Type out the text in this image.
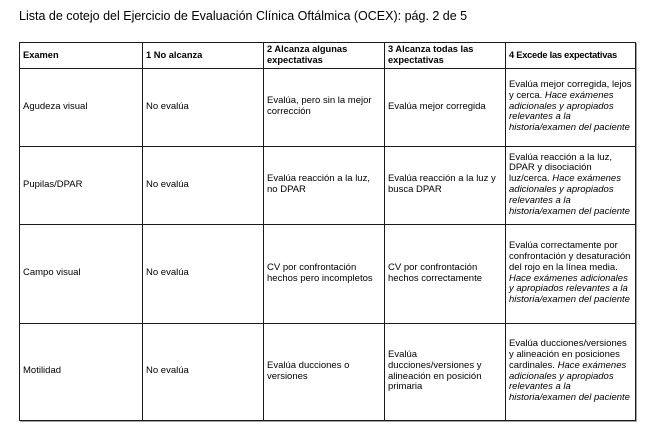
Lista de cotejo del Ejercicio de Evaluación Clínica Oftálmica (OCEX): pág. 2 de 5
Examen	1 No alcanza	2 Alcanza algunas expectativas	3 Alcanza todas las expectativas	4 Excede las expectativas
Agudeza visual	No evalúa	Evalúa, pero sin la mejor corrección	Evalúa mejor corregida	Evalúa mejor corregida, lejos y cerca. Hace exámenes adicionales y apropiados relevantes a la historia/examen del paciente
Pupilas/DPAR	No evalúa	Evalúa reacción a la luz, no DPAR	Evalúa reacción a la luz y busca DPAR	Evalúa reacción a la luz, DPAR y disociación luz/cerca. Hace exámenes adicionales y apropiados relevantes a la historia/examen del paciente
Campo visual	No evalúa	CV por confrontación hechos pero incompletos	CV por confrontación hechos correctamente	Evalúa correctamente por confrontación y desaturación del rojo en la línea media. Hace exámenes adicionales y apropiados relevantes a la historia/examen del paciente
Motilidad	No evalúa	Evalúa ducciones o versiones	Evalúa ducciones/versiones y alineación en posición primaria	Evalúa ducciones/versiones y alineación en posiciones cardinales. Hace exámenes adicionales y apropiados relevantes a la historia/examen del paciente
